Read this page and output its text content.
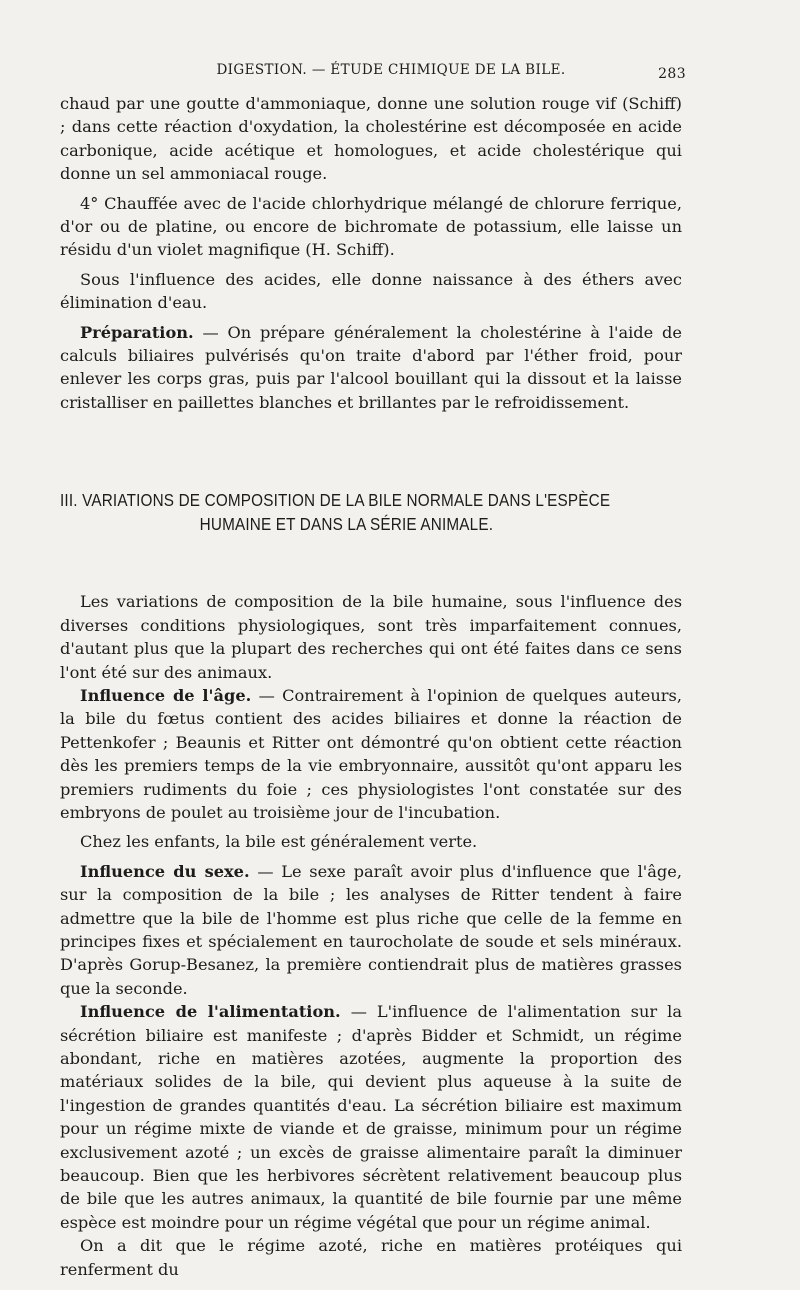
DIGESTION. — ÉTUDE CHIMIQUE DE LA BILE.	283

chaud par une goutte d'ammoniaque, donne une solution rouge vif (Schiff) ; dans cette réaction d'oxydation, la cholestérine est décomposée en acide carbonique, acide acétique et homologues, et acide cholestérique qui donne un sel ammoniacal rouge.

4° Chauffée avec de l'acide chlorhydrique mélangé de chlorure ferrique, d'or ou de platine, ou encore de bichromate de potassium, elle laisse un résidu d'un violet magnifique (H. Schiff).

Sous l'influence des acides, elle donne naissance à des éthers avec élimination d'eau.

Préparation. — On prépare généralement la cholestérine à l'aide de calculs biliaires pulvérisés qu'on traite d'abord par l'éther froid, pour enlever les corps gras, puis par l'alcool bouillant qui la dissout et la laisse cristalliser en paillettes blanches et brillantes par le refroidissement.

III. VARIATIONS DE COMPOSITION DE LA BILE NORMALE DANS L'ESPÈCE
HUMAINE ET DANS LA SÉRIE ANIMALE.

Les variations de composition de la bile humaine, sous l'influence des diverses conditions physiologiques, sont très imparfaitement connues, d'autant plus que la plupart des recherches qui ont été faites dans ce sens l'ont été sur des animaux.

Influence de l'âge. — Contrairement à l'opinion de quelques auteurs, la bile du fœtus contient des acides biliaires et donne la réaction de Pettenkofer ; Beaunis et Ritter ont démontré qu'on obtient cette réaction dès les premiers temps de la vie embryonnaire, aussitôt qu'ont apparu les premiers rudiments du foie ; ces physiologistes l'ont constatée sur des embryons de poulet au troisième jour de l'incubation.

Chez les enfants, la bile est généralement verte.

Influence du sexe. — Le sexe paraît avoir plus d'influence que l'âge, sur la composition de la bile ; les analyses de Ritter tendent à faire admettre que la bile de l'homme est plus riche que celle de la femme en principes fixes et spécialement en taurocholate de soude et sels minéraux. D'après Gorup-Besanez, la première contiendrait plus de matières grasses que la seconde.

Influence de l'alimentation. — L'influence de l'alimentation sur la sécrétion biliaire est manifeste ; d'après Bidder et Schmidt, un régime abondant, riche en matières azotées, augmente la proportion des matériaux solides de la bile, qui devient plus aqueuse à la suite de l'ingestion de grandes quantités d'eau. La sécrétion biliaire est maximum pour un régime mixte de viande et de graisse, minimum pour un régime exclusivement azoté ; un excès de graisse alimentaire paraît la diminuer beaucoup. Bien que les herbivores sécrètent relativement beaucoup plus de bile que les autres animaux, la quantité de bile fournie par une même espèce est moindre pour un régime végétal que pour un régime animal.

On a dit que le régime azoté, riche en matières protéiques qui renferment du
